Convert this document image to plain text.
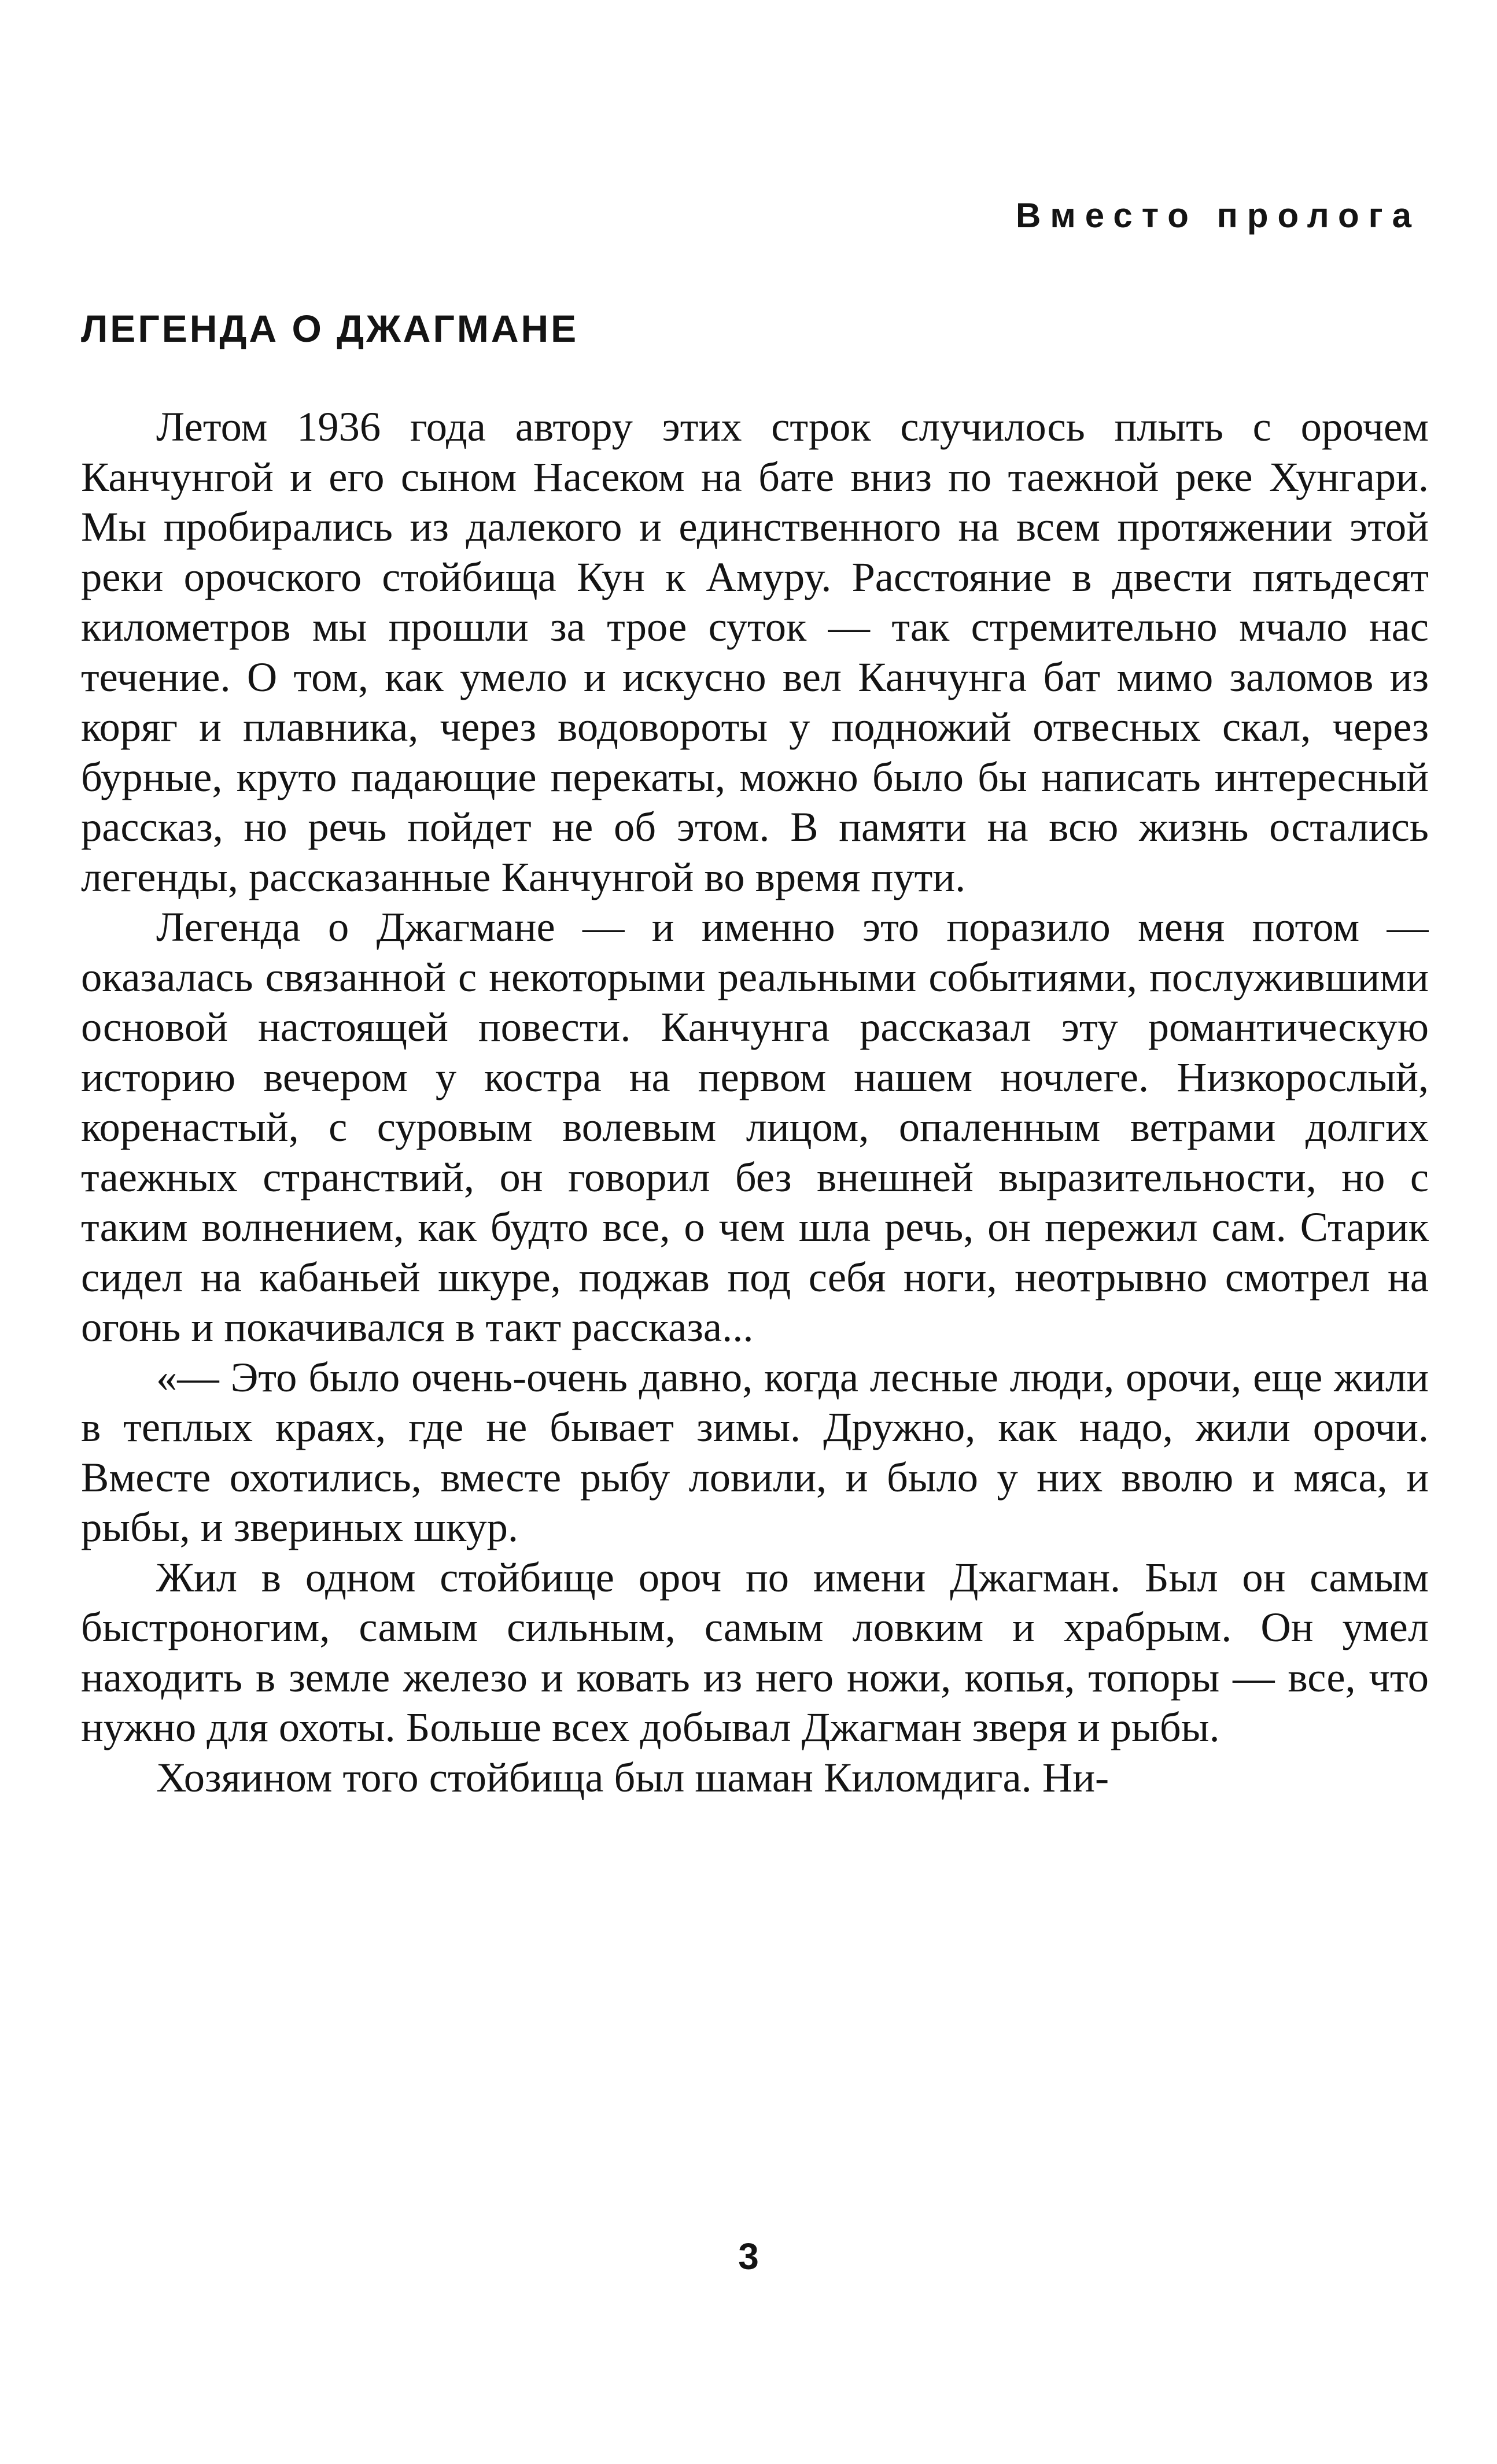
Вместо пролога

ЛЕГЕНДА О ДЖАГМАНЕ

Летом 1936 года автору этих строк случилось плыть с орочем Канчунгой и его сыном Насеком на бате вниз по таежной реке Хунгари. Мы пробирались из далекого и единственного на всем протяжении этой реки орочского стойбища Кун к Амуру. Расстояние в двести пятьдесят километров мы прошли за трое суток — так стремительно мчало нас течение. О том, как умело и искусно вел Канчунга бат мимо заломов из коряг и плавника, через водовороты у подножий отвесных скал, через бурные, круто падающие перекаты, можно было бы написать интересный рассказ, но речь пойдет не об этом. В памяти на всю жизнь остались легенды, рассказанные Канчунгой во время пути.

Легенда о Джагмане — и именно это поразило меня потом — оказалась связанной с некоторыми реальными событиями, послужившими основой настоящей повести. Канчунга рассказал эту романтическую историю вечером у костра на первом нашем ночлеге. Низкорослый, коренастый, с суровым волевым лицом, опаленным ветрами долгих таежных странствий, он говорил без внешней выразительности, но с таким волнением, как будто все, о чем шла речь, он пережил сам. Старик сидел на кабаньей шкуре, поджав под себя ноги, неотрывно смотрел на огонь и покачивался в такт рассказа...

«— Это было очень-очень давно, когда лесные люди, орочи, еще жили в теплых краях, где не бывает зимы. Дружно, как надо, жили орочи. Вместе охотились, вместе рыбу ловили, и было у них вволю и мяса, и рыбы, и звериных шкур.

Жил в одном стойбище ороч по имени Джагман. Был он самым быстроногим, самым сильным, самым ловким и храбрым. Он умел находить в земле железо и ковать из него ножи, копья, топоры — все, что нужно для охоты. Больше всех добывал Джагман зверя и рыбы.

Хозяином того стойбища был шаман Киломдига. Ни-

3
